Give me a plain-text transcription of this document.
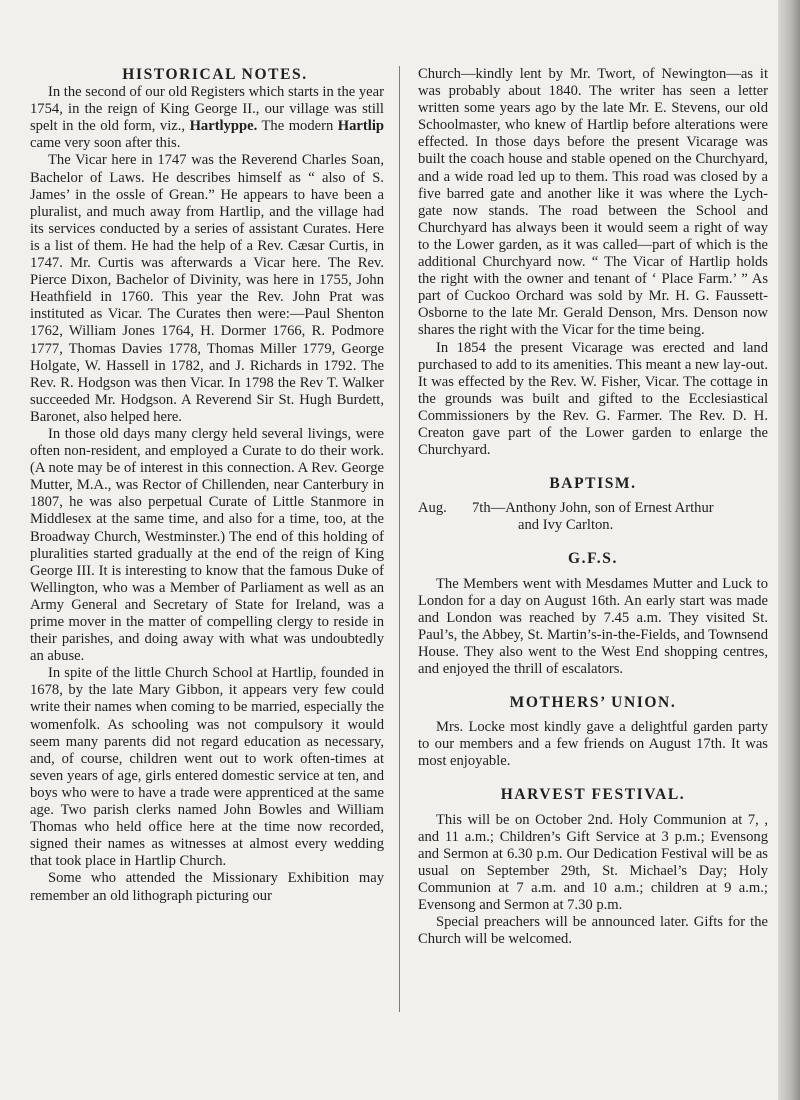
HISTORICAL NOTES.

In the second of our old Registers which starts in the year 1754, in the reign of King George II., our village was still spelt in the old form, viz., Hartlyppe. The modern Hartlip came very soon after this.

The Vicar here in 1747 was the Reverend Charles Soan, Bachelor of Laws. He describes himself as “ also of S. James’ in the ossle of Grean.” He appears to have been a pluralist, and much away from Hartlip, and the village had its services conducted by a series of assistant Curates. Here is a list of them. He had the help of a Rev. Cæsar Curtis, in 1747. Mr. Curtis was afterwards a Vicar here. The Rev. Pierce Dixon, Bachelor of Divinity, was here in 1755, John Heathfield in 1760. This year the Rev. John Prat was instituted as Vicar. The Curates then were:—Paul Shenton 1762, William Jones 1764, H. Dormer 1766, R. Podmore 1777, Thomas Davies 1778, Thomas Miller 1779, George Holgate, W. Hassell in 1782, and J. Richards in 1792. The Rev. R. Hodgson was then Vicar. In 1798 the Rev T. Walker succeeded Mr. Hodgson. A Reverend Sir St. Hugh Burdett, Baronet, also helped here.

In those old days many clergy held several livings, were often non-resident, and employed a Curate to do their work. (A note may be of interest in this connection. A Rev. George Mutter, M.A., was Rector of Chillenden, near Canterbury in 1807, he was also perpetual Curate of Little Stanmore in Middlesex at the same time, and also for a time, too, at the Broadway Church, Westminster.) The end of this holding of pluralities started gradually at the end of the reign of King George III. It is interesting to know that the famous Duke of Wellington, who was a Member of Parliament as well as an Army General and Secretary of State for Ireland, was a prime mover in the matter of compelling clergy to reside in their parishes, and doing away with what was undoubtedly an abuse.

In spite of the little Church School at Hartlip, founded in 1678, by the late Mary Gibbon, it appears very few could write their names when coming to be married, especially the womenfolk. As schooling was not compulsory it would seem many parents did not regard education as necessary, and, of course, children went out to work often-times at seven years of age, girls entered domestic service at ten, and boys who were to have a trade were apprenticed at the same age. Two parish clerks named John Bowles and William Thomas who held office here at the time now recorded, signed their names as witnesses at almost every wedding that took place in Hartlip Church.

Some who attended the Missionary Exhibition may remember an old lithograph picturing our

Church—kindly lent by Mr. Twort, of Newington—as it was probably about 1840. The writer has seen a letter written some years ago by the late Mr. E. Stevens, our old Schoolmaster, who knew of Hartlip before alterations were effected. In those days before the present Vicarage was built the coach house and stable opened on the Churchyard, and a wide road led up to them. This road was closed by a five barred gate and another like it was where the Lych-gate now stands. The road between the School and Churchyard has always been it would seem a right of way to the Lower garden, as it was called—part of which is the additional Churchyard now. “ The Vicar of Hartlip holds the right with the owner and tenant of ‘ Place Farm.’ ” As part of Cuckoo Orchard was sold by Mr. H. G. Faussett-Osborne to the late Mr. Gerald Denson, Mrs. Denson now shares the right with the Vicar for the time being.

In 1854 the present Vicarage was erected and land purchased to add to its amenities. This meant a new lay-out. It was effected by the Rev. W. Fisher, Vicar. The cottage in the grounds was built and gifted to the Ecclesiastical Commissioners by the Rev. G. Farmer. The Rev. D. H. Creaton gave part of the Lower garden to enlarge the Churchyard.

BAPTISM.

Aug. 7th—Anthony John, son of Ernest Arthur
and Ivy Carlton.

G.F.S.

The Members went with Mesdames Mutter and Luck to London for a day on August 16th. An early start was made and London was reached by 7.45 a.m. They visited St. Paul’s, the Abbey, St. Martin’s-in-the-Fields, and Townsend House. They also went to the West End shopping centres, and enjoyed the thrill of escalators.

MOTHERS’ UNION.

Mrs. Locke most kindly gave a delightful garden party to our members and a few friends on August 17th. It was most enjoyable.

HARVEST FESTIVAL.

This will be on October 2nd. Holy Communion at 7, , and 11 a.m.; Children’s Gift Service at 3 p.m.; Evensong and Sermon at 6.30 p.m. Our Dedication Festival will be as usual on September 29th, St. Michael’s Day; Holy Communion at 7 a.m. and 10 a.m.; children at 9 a.m.; Evensong and Sermon at 7.30 p.m.

Special preachers will be announced later. Gifts for the Church will be welcomed.
